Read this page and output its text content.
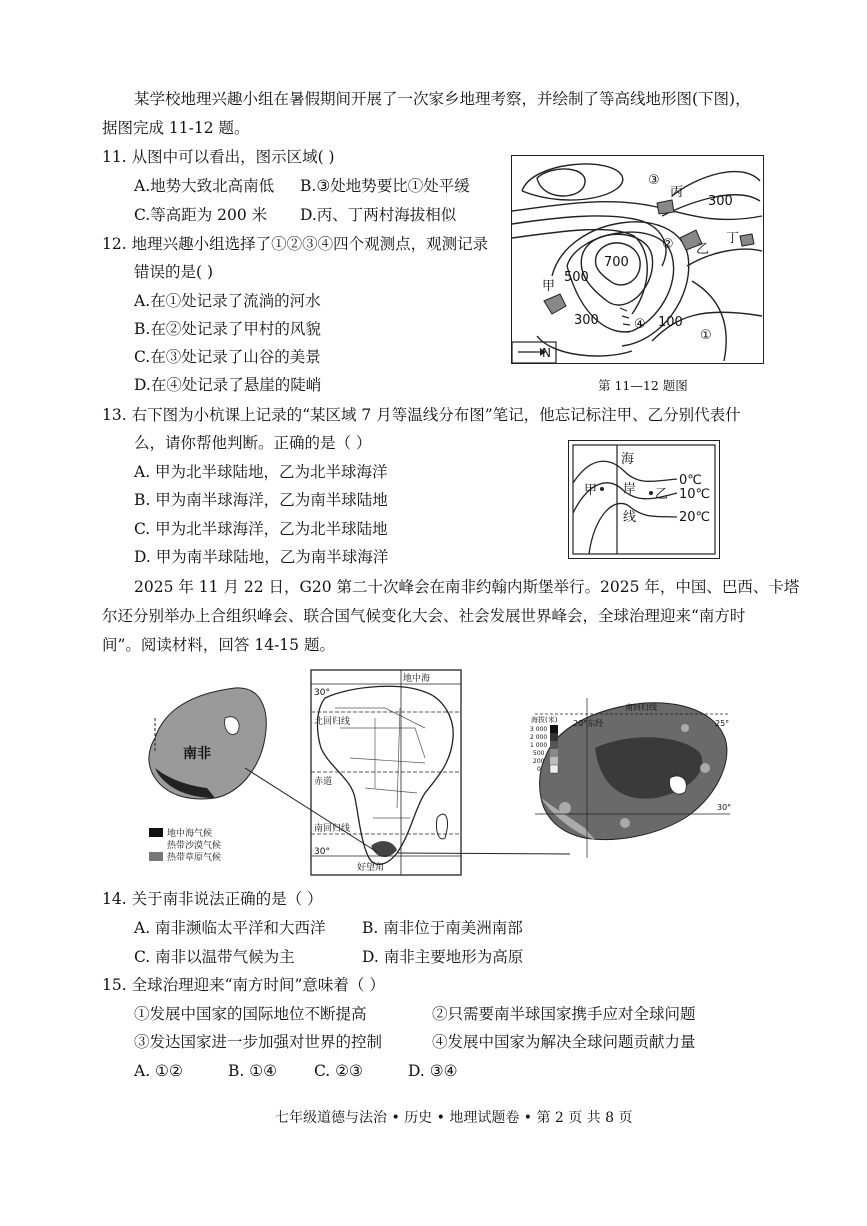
某学校地理兴趣小组在暑假期间开展了一次家乡地理考察，并绘制了等高线地形图(下图)，
据图完成 11-12 题。
11. 从图中可以看出，图示区域( )
A.地势大致北高南低 B.③处地势要比①处平缓
C.等高距为 200 米 D.丙、丁两村海拔相似
12. 地理兴趣小组选择了①②③④四个观测点，观测记录
错误的是( )
A.在①处记录了流淌的河水
B.在②处记录了甲村的风貌
C.在③处记录了山谷的美景
D.在④处记录了悬崖的陡峭
700
500
300
300
100
①
②
③
④
甲
乙
丙
丁
N
第 11—12 题图
13. 右下图为小杭课上记录的“某区域 7 月等温线分布图”笔记，他忘记标注甲、乙分别代表什
么，请你帮他判断。正确的是（ ）
A. 甲为北半球陆地，乙为北半球海洋
B. 甲为南半球海洋，乙为南半球陆地
C. 甲为北半球海洋，乙为北半球陆地
D. 甲为南半球陆地，乙为南半球海洋
海
岸
线
甲	乙
0℃
10℃
20℃
2025 年 11 月 22 日，G20 第二十次峰会在南非约翰内斯堡举行。2025 年，中国、巴西、卡塔
尔还分别举办上合组织峰会、联合国气候变化大会、社会发展世界峰会，全球治理迎来“南方时
间”。阅读材料，回答 14-15 题。
南非
地中海气候
热带沙漠气候
热带草原气候
30°
地中海
北回归线
赤道
南回归线
30°
好望角
海拔(米)
3 000
2 000
1 000
500
200
0
南回归线
25°
20°东经
30°
14. 关于南非说法正确的是（ ）
A. 南非濒临太平洋和大西洋 B. 南非位于南美洲南部
C. 南非以温带气候为主	D. 南非主要地形为高原
15. 全球治理迎来“南方时间”意味着（ ）
①发展中国家的国际地位不断提高	②只需要南半球国家携手应对全球问题
③发达国家进一步加强对世界的控制	④发展中国家为解决全球问题贡献力量
A. ①②	B. ①④ C. ②③	D. ③④
七年级道德与法治 • 历史 • 地理试题卷 • 第 2 页 共 8 页
